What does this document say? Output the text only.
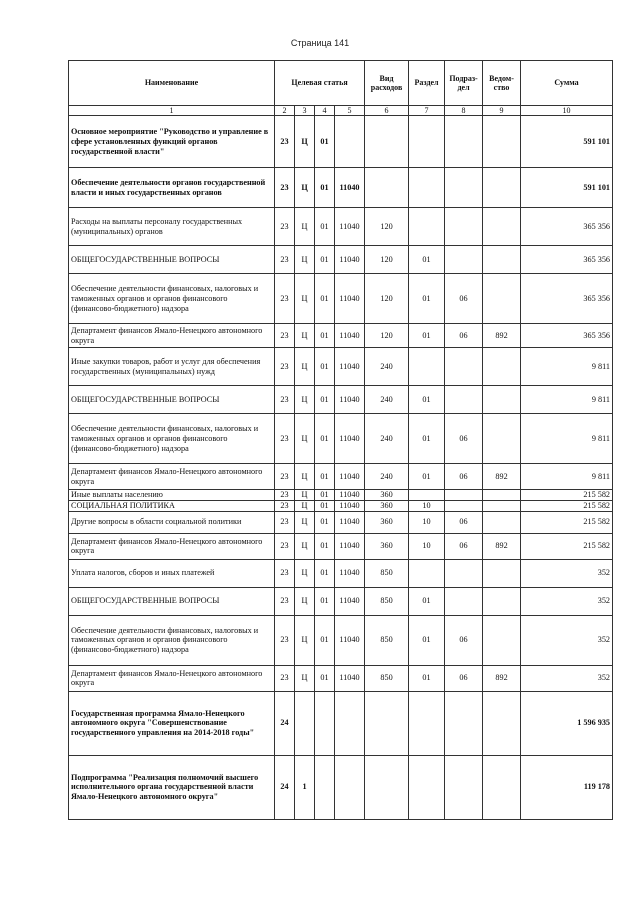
Страница 141
Наименование	Целевая статья				Вид расходов	Раздел	Подраз-дел	Ведом-ство	Сумма
1	2	3	4	5	6	7	8	9	10
Основное мероприятие "Руководство и управление в сфере установленных функций органов государственной власти"	23	Ц	01						591 101
Обеспечение деятельности органов государственной власти и иных государственных органов	23	Ц	01	11040					591 101
Расходы на выплаты персоналу государственных (муниципальных) органов	23	Ц	01	11040	120				365 356
ОБЩЕГОСУДАРСТВЕННЫЕ ВОПРОСЫ	23	Ц	01	11040	120	01			365 356
Обеспечение деятельности финансовых, налоговых и таможенных органов и органов финансового (финансово-бюджетного) надзора	23	Ц	01	11040	120	01	06		365 356
Департамент финансов Ямало-Ненецкого автономного округа	23	Ц	01	11040	120	01	06	892	365 356
Иные закупки товаров, работ и услуг для обеспечения государственных (муниципальных) нужд	23	Ц	01	11040	240				9 811
ОБЩЕГОСУДАРСТВЕННЫЕ ВОПРОСЫ	23	Ц	01	11040	240	01			9 811
Обеспечение деятельности финансовых, налоговых и таможенных органов и органов финансового (финансово-бюджетного) надзора	23	Ц	01	11040	240	01	06		9 811
Департамент финансов Ямало-Ненецкого автономного округа	23	Ц	01	11040	240	01	06	892	9 811
Иные выплаты населению	23	Ц	01	11040	360				215 582
СОЦИАЛЬНАЯ ПОЛИТИКА	23	Ц	01	11040	360	10			215 582
Другие вопросы в области социальной политики	23	Ц	01	11040	360	10	06		215 582
Департамент финансов Ямало-Ненецкого автономного округа	23	Ц	01	11040	360	10	06	892	215 582
Уплата налогов, сборов и иных платежей	23	Ц	01	11040	850				352
ОБЩЕГОСУДАРСТВЕННЫЕ ВОПРОСЫ	23	Ц	01	11040	850	01			352
Обеспечение деятельности финансовых, налоговых и таможенных органов и органов финансового (финансово-бюджетного) надзора	23	Ц	01	11040	850	01	06		352
Департамент финансов Ямало-Ненецкого автономного округа	23	Ц	01	11040	850	01	06	892	352
Государственная программа Ямало-Ненецкого автономного округа "Совершенствование государственного управления на 2014-2018 годы"	24								1 596 935
Подпрограмма "Реализация полномочий высшего исполнительного органа государственной власти Ямало-Ненецкого автономного округа"	24	1							119 178
